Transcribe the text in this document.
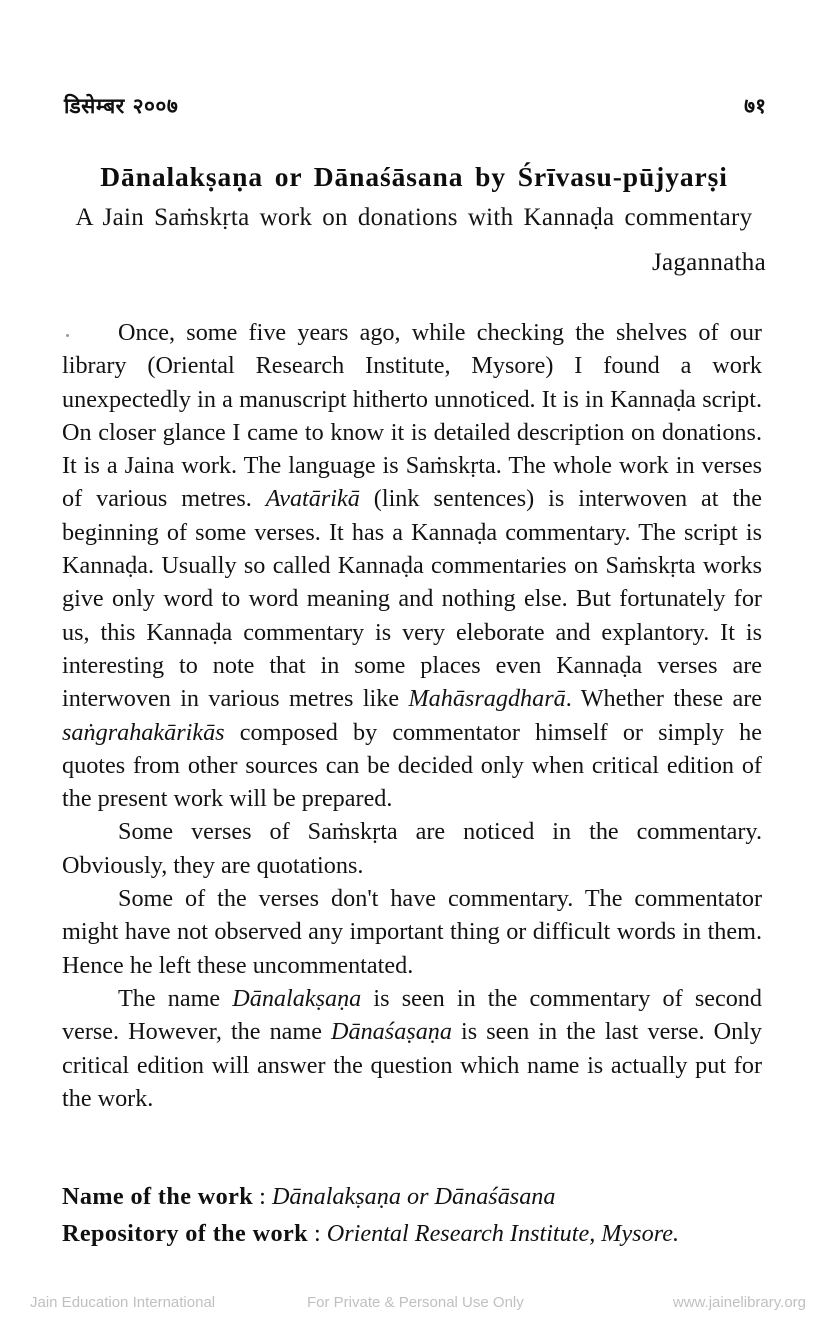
डिसेम्बर २००७	७१
Dānalakṣaṇa or Dānaśāsana by Śrīvasu-pūjyarṣi
A Jain Saṁskṛta work on donations with Kannaḍa commentary
Jagannatha

Once, some five years ago, while checking the shelves of our library (Oriental Research Institute, Mysore) I found a work unexpectedly in a manuscript hitherto unnoticed. It is in Kannaḍa script. On closer glance I came to know it is detailed description on donations. It is a Jaina work. The language is Saṁskṛta. The whole work in verses of various metres. Avatārikā (link sentences) is interwoven at the beginning of some verses. It has a Kannaḍa commentary. The script is Kannaḍa. Usually so called Kannaḍa commentaries on Saṁskṛta works give only word to word meaning and nothing else. But fortunately for us, this Kannaḍa commentary is very eleborate and explantory. It is interesting to note that in some places even Kannaḍa verses are interwoven in various metres like Mahāsragdharā. Whether these are saṅgrahakārikās composed by commentator himself or simply he quotes from other sources can be decided only when critical edition of the present work will be prepared.

Some verses of Saṁskṛta are noticed in the commentary. Obviously, they are quotations.

Some of the verses don't have commentary. The commentator might have not observed any important thing or difficult words in them. Hence he left these uncommentated.

The name Dānalakṣaṇa is seen in the commentary of second verse. However, the name Dānaśaṣaṇa is seen in the last verse. Only critical edition will answer the question which name is actually put for the work.

Name of the work : Dānalakṣaṇa or Dānaśāsana
Repository of the work : Oriental Research Institute, Mysore.
Jain Education International	For Private & Personal Use Only	www.jainelibrary.org
